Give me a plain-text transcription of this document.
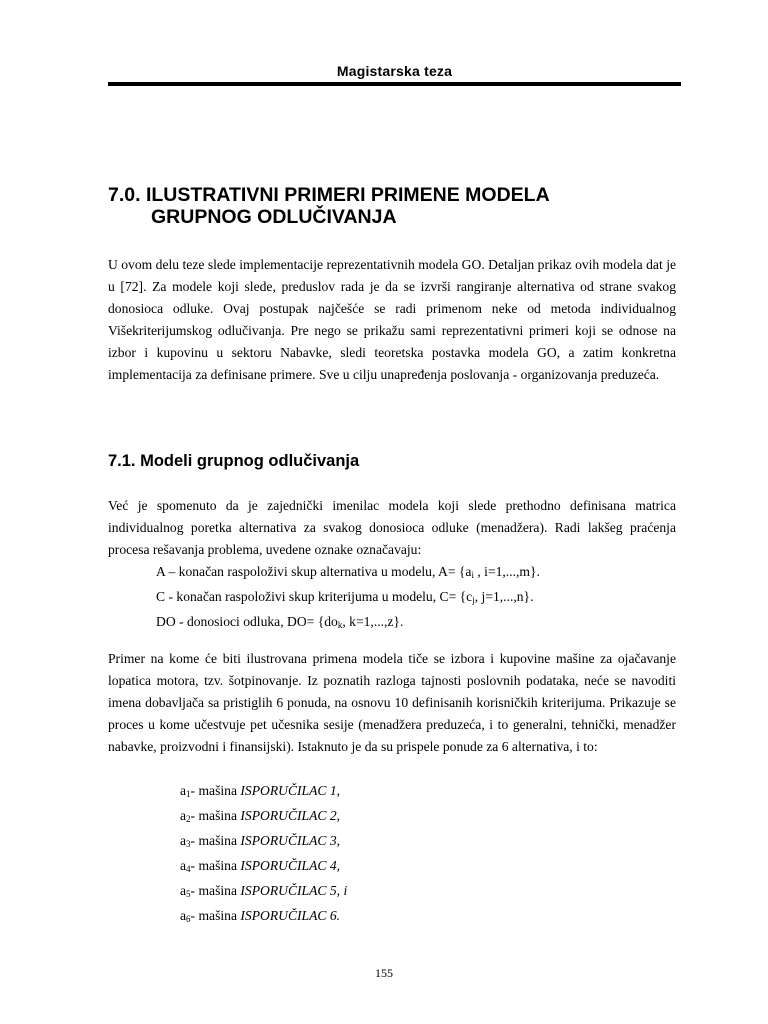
Magistarska teza
7.0. ILUSTRATIVNI PRIMERI PRIMENE MODELA
GRUPNOG ODLUČIVANJA

U ovom delu teze slede implementacije reprezentativnih modela GO. Detaljan prikaz ovih modela dat je u [72]. Za modele koji slede, preduslov rada je da se izvrši rangiranje alternativa od strane svakog donosioca odluke. Ovaj postupak najčešće se radi primenom neke od metoda individualnog Višekriterijumskog odlučivanja. Pre nego se prikažu sami reprezentativni primeri koji se odnose na izbor i kupovinu u sektoru Nabavke, sledi teoretska postavka modela GO, a zatim konkretna implementacija za definisane primere. Sve u cilju unapređenja poslovanja - organizovanja preduzeća.

7.1. Modeli grupnog odlučivanja

Već je spomenuto da je zajednički imenilac modela koji slede prethodno definisana matrica individualnog poretka alternativa za svakog donosioca odluke (menadžera). Radi lakšeg praćenja procesa rešavanja problema, uvedene oznake označavaju:

A – konačan raspoloživi skup alternativa u modelu, $A= \{a_i$ , i=1,...,m}.
C - konačan raspoloživi skup kriterijuma u modelu, $C= \{c_j$, j=1,...,n}.
DO - donosioci odluka, $DO= \{do_k$, k=1,...,z}.

Primer na kome će biti ilustrovana primena modela tiče se izbora i kupovine mašine za ojačavanje lopatica motora, tzv. šotpinovanje. Iz poznatih razloga tajnosti poslovnih podataka, neće se navoditi imena dobavljača sa pristiglih 6 ponuda, na osnovu 10 definisanih korisničkih kriterijuma. Prikazuje se proces u kome učestvuje pet učesnika sesije (menadžera preduzeća, i to generalni, tehnički, menadžer nabavke, proizvodni i finansijski). Istaknuto je da su prispele ponude za 6 alternativa, i to:

$a_1-$ mašina ISPORUČILAC 1,
$a_2-$ mašina ISPORUČILAC 2,
$a_3-$ mašina ISPORUČILAC 3,
$a_4-$ mašina ISPORUČILAC 4,
$a_5-$ mašina ISPORUČILAC 5, i
$a_6-$ mašina ISPORUČILAC 6.
155
